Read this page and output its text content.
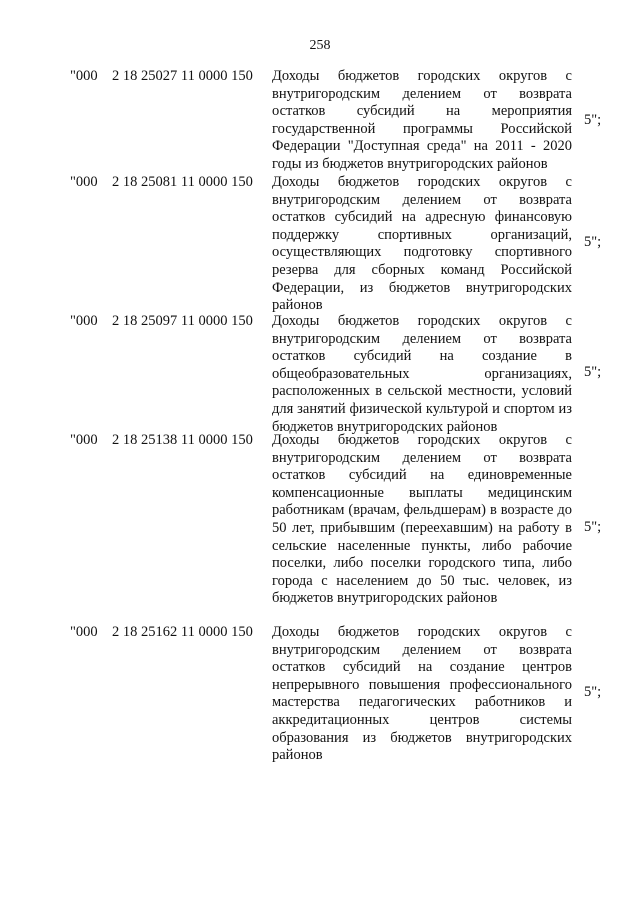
258
"000 2 18 25027 11 0000 150 Доходы бюджетов городских округов с внутригородским делением от возврата остатков субсидий на мероприятия государственной программы Российской Федерации "Доступная среда" на 2011 - 2020 годы из бюджетов внутригородских районов
5";
"000 2 18 25081 11 0000 150 Доходы бюджетов городских округов с внутригородским делением от возврата остатков субсидий на адресную финансовую поддержку спортивных организаций, осуществляющих подготовку спортивного резерва для сборных команд Российской Федерации, из бюджетов внутригородских районов
5";
"000 2 18 25097 11 0000 150 Доходы бюджетов городских округов с внутригородским делением от возврата остатков субсидий на создание в общеобразовательных организациях, расположенных в сельской местности, условий для занятий физической культурой и спортом из бюджетов внутригородских районов
5";
"000 2 18 25138 11 0000 150 Доходы бюджетов городских округов с внутригородским делением от возврата остатков субсидий на единовременные компенсационные выплаты медицинским работникам (врачам, фельдшерам) в возрасте до 50 лет, прибывшим (переехавшим) на работу в сельские населенные пункты, либо рабочие поселки, либо поселки городского типа, либо города с населением до 50 тыс. человек, из бюджетов внутригородских районов
5";
"000 2 18 25162 11 0000 150 Доходы бюджетов городских округов с внутригородским делением от возврата остатков субсидий на создание центров непрерывного повышения профессионального мастерства педагогических работников и аккредитационных центров системы образования из бюджетов внутригородских районов
5";
